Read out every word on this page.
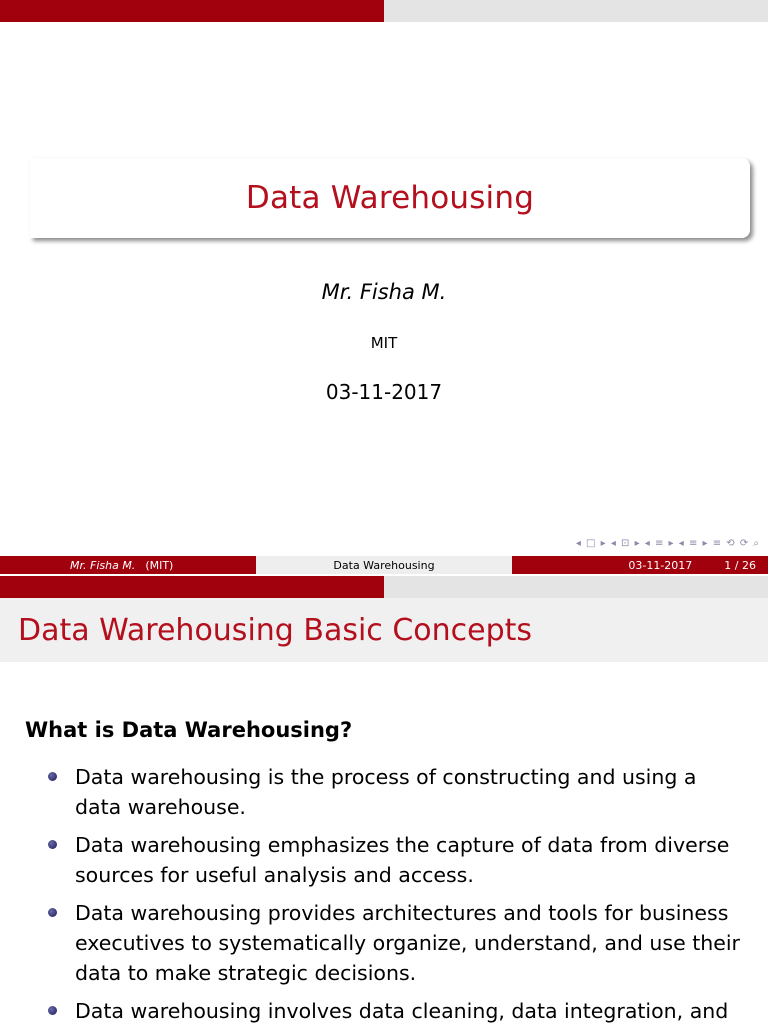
Data Warehousing
Mr. Fisha M.
MIT
03-11-2017
◂ □ ▸ ◂ ⊡ ▸ ◂ ≡ ▸ ◂ ≡ ▸ ≡ ⟲ ⟳ ⌕
Mr. Fisha M. (MIT)	Data Warehousing	03-11-2017	1 / 26
Data Warehousing Basic Concepts
What is Data Warehousing?
Data warehousing is the process of constructing and using a data warehouse.
Data warehousing emphasizes the capture of data from diverse sources for useful analysis and access.
Data warehousing provides architectures and tools for business executives to systematically organize, understand, and use their data to make strategic decisions.
Data warehousing involves data cleaning, data integration, and
